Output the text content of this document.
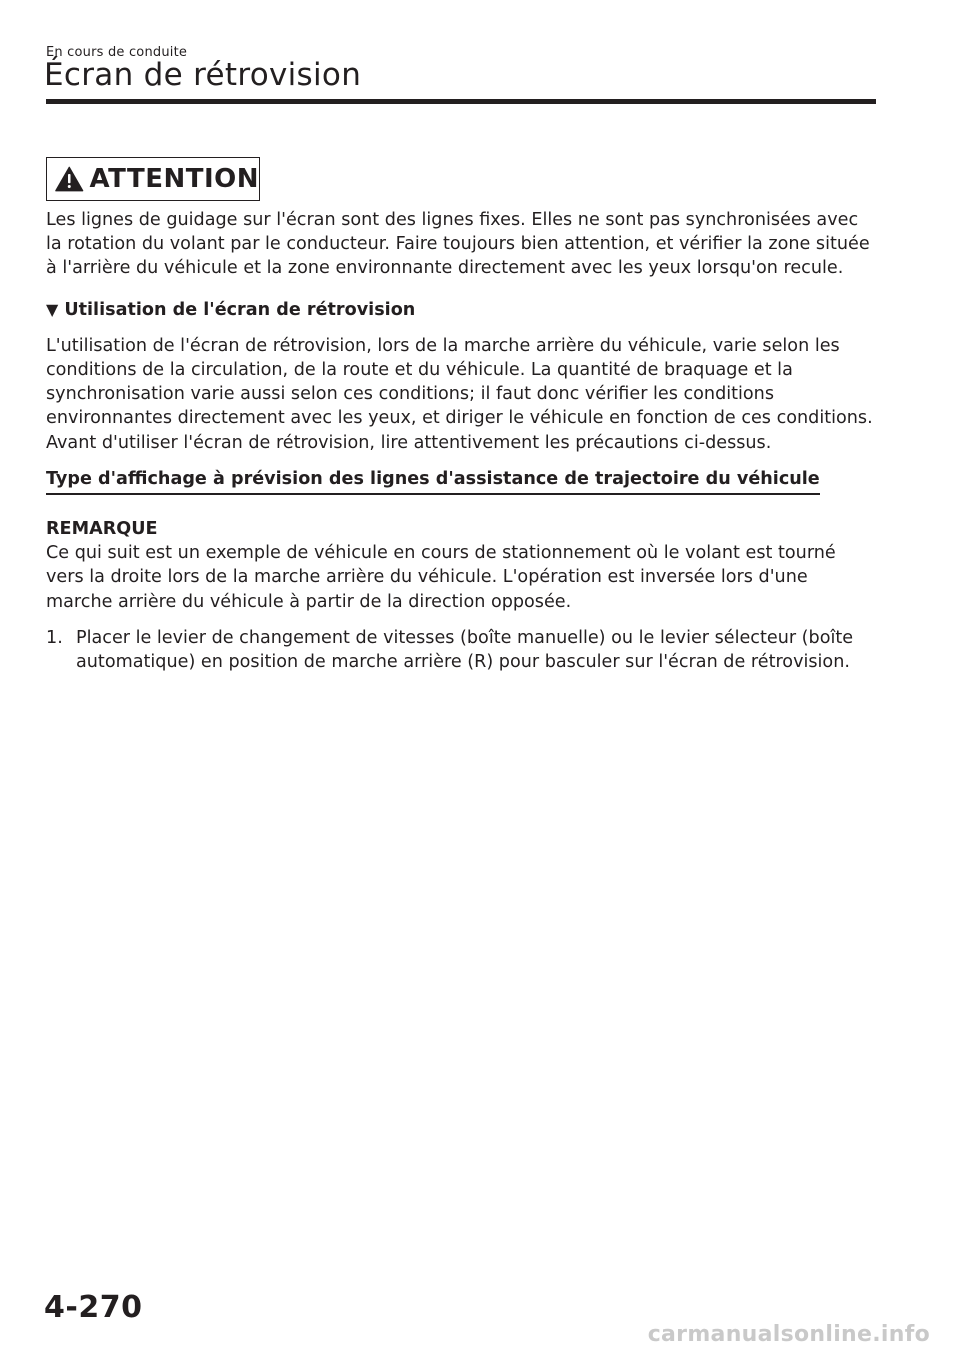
En cours de conduite
Écran de rétrovision
ATTENTION

Les lignes de guidage sur l'écran sont des lignes fixes. Elles ne sont pas synchronisées avec la rotation du volant par le conducteur. Faire toujours bien attention, et vérifier la zone située à l'arrière du véhicule et la zone environnante directement avec les yeux lorsqu'on recule.

▼ Utilisation de l'écran de rétrovision

L'utilisation de l'écran de rétrovision, lors de la marche arrière du véhicule, varie selon les conditions de la circulation, de la route et du véhicule. La quantité de braquage et la synchronisation varie aussi selon ces conditions; il faut donc vérifier les conditions environnantes directement avec les yeux, et diriger le véhicule en fonction de ces conditions.

Avant d'utiliser l'écran de rétrovision, lire attentivement les précautions ci-dessus.

Type d'affichage à prévision des lignes d'assistance de trajectoire du véhicule

REMARQUE

Ce qui suit est un exemple de véhicule en cours de stationnement où le volant est tourné vers la droite lors de la marche arrière du véhicule. L'opération est inversée lors d'une marche arrière du véhicule à partir de la direction opposée.

1. Placer le levier de changement de vitesses (boîte manuelle) ou le levier sélecteur (boîte automatique) en position de marche arrière (R) pour basculer sur l'écran de rétrovision.
4-270
carmanualsonline.info
